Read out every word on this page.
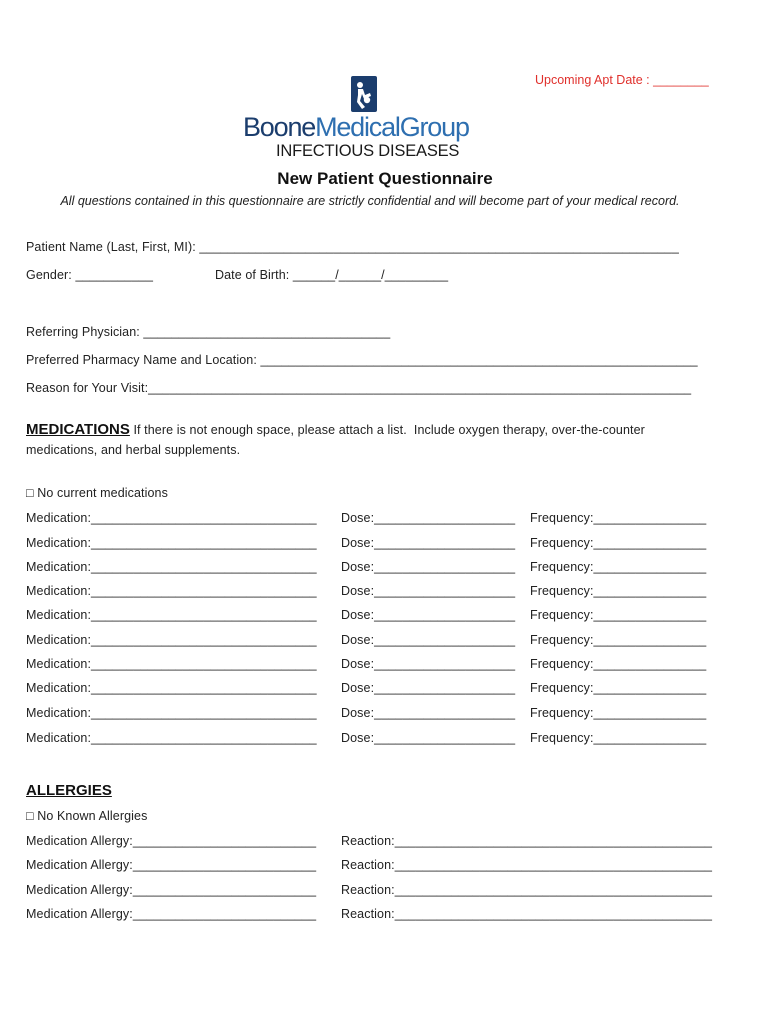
Upcoming Apt Date : ________
BooneMedicalGroup
INFECTIOUS DISEASES
New Patient Questionnaire
All questions contained in this questionnaire are strictly confidential and will become part of your medical record.
Patient Name (Last, First, MI): ____________________________________________________________________
Gender: ___________	Date of Birth: ______/______/_________
Referring Physician: ___________________________________
Preferred Pharmacy Name and Location: ______________________________________________________________
Reason for Your Visit:_____________________________________________________________________________
MEDICATIONS If there is not enough space, please attach a list.  Include oxygen therapy, over-the-counter
medications, and herbal supplements.
□ No current medications
Medication:________________________________ Dose:____________________ Frequency:________________
Medication:________________________________ Dose:____________________ Frequency:________________
Medication:________________________________ Dose:____________________ Frequency:________________
Medication:________________________________ Dose:____________________ Frequency:________________
Medication:________________________________ Dose:____________________ Frequency:________________
Medication:________________________________ Dose:____________________ Frequency:________________
Medication:________________________________ Dose:____________________ Frequency:________________
Medication:________________________________ Dose:____________________ Frequency:________________
Medication:________________________________ Dose:____________________ Frequency:________________
Medication:________________________________ Dose:____________________ Frequency:________________
ALLERGIES
□ No Known Allergies
Medication Allergy:__________________________ Reaction:_____________________________________________
Medication Allergy:__________________________ Reaction:_____________________________________________
Medication Allergy:__________________________ Reaction:_____________________________________________
Medication Allergy:__________________________ Reaction:_____________________________________________
